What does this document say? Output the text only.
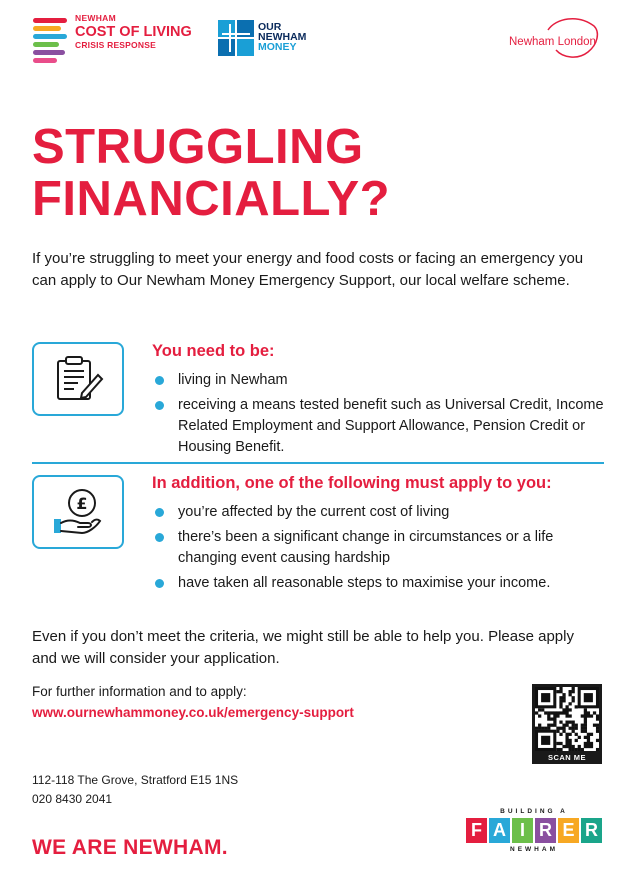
NEWHAM
COST OF LIVING
CRISIS RESPONSE
OUR
NEWHAM
MONEY	Newham London
STRUGGLING
FINANCIALLY?

If you’re struggling to meet your energy and food costs or facing an emergency you can apply to Our Newham Money Emergency Support, our local welfare scheme.

You need to be:
living in Newham
receiving a means tested benefit such as Universal Credit, Income Related Employment and Support Allowance, Pension Credit or Housing Benefit.
£
In addition, one of the following must apply to you:
you’re affected by the current cost of living
there’s been a significant change in circumstances or a life changing event causing hardship
have taken all reasonable steps to maximise your income.

Even if you don’t meet the criteria, we might still be able to help you. Please apply and we will consider your application.

For further information and to apply:
www.ournewhammoney.co.uk/emergency-support
SCAN ME
112-118 The Grove, Stratford E15 1NS
020 8430 2041
WE ARE NEWHAM.
BUILDING A
F A I R E R
NEWHAM
